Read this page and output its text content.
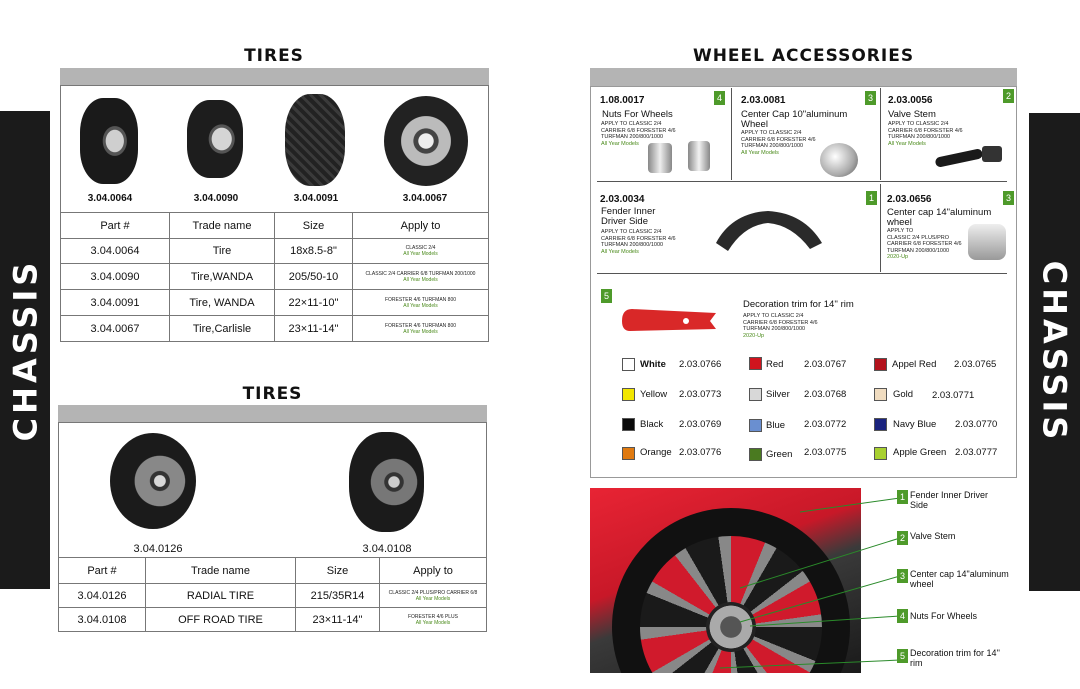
CHASSIS	CHASSIS
TIRES
3.04.0064	3.04.0090	3.04.0091	3.04.0067
Part #	Trade name	Size	Apply to
3.04.0064	Tire	18x8.5-8"	CLASSIC 2/4
All Year Models

3.04.0090	Tire,WANDA	205/50-10	CLASSIC 2/4 CARRIER 6/8 TURFMAN 200/1000
All Year Models

3.04.0091	Tire, WANDA	22×11-10"	FORESTER 4/6 TURFMAN 800
All Year Models

3.04.0067	Tire,Carlisle	23×11-14"	FORESTER 4/6 TURFMAN 800
All Year Models
TIRES
3.04.0126	3.04.0108
Part #	Trade name	Size	Apply to
3.04.0126	RADIAL TIRE	215/35R14	CLASSIC 2/4 PLUS/PRO CARRIER 6/8
All Year Models

3.04.0108	OFF ROAD TIRE	23×11-14"	FORESTER 4/6 PLUS
All Year Models
WHEEL ACCESSORIES
1.08.0017	4
Nuts For Wheels
APPLY TO CLASSIC 2/4
CARRIER 6/8 FORESTER 4/6
TURFMAN 200/800/1000
All Year Models
2.03.0081	3
Center Cap 10"aluminum Wheel
APPLY TO CLASSIC 2/4
CARRIER 6/8 FORESTER 4/6
TURFMAN 200/800/1000
All Year Models
2.03.0056	2
Valve Stem
APPLY TO CLASSIC 2/4
CARRIER 6/8 FORESTER 4/6
TURFMAN 200/800/1000
All Year Models
2.03.0034	1
Fender Inner Driver Side
APPLY TO CLASSIC 2/4
CARRIER 6/8 FORESTER 4/6
TURFMAN 200/800/1000
All Year Models
2.03.0656	3
Center cap 14"aluminum wheel
APPLY TO
CLASSIC 2/4 PLUS/PRO
CARRIER 6/8 FORESTER 4/6
TURFMAN 200/800/1000
2020-Up
5
Decoration trim for 14'' rim
APPLY TO CLASSIC 2/4
CARRIER 6/8 FORESTER 4/6
TURFMAN 200/800/1000
2020-Up
White 2.03.0766	Red 2.03.0767	Appel Red 2.03.0765
Yellow 2.03.0773	Silver 2.03.0768	Gold 2.03.0771
Black 2.03.0769	Blue 2.03.0772	Navy Blue 2.03.0770
Orange 2.03.0776	Green 2.03.0775	Apple Green 2.03.0777
1 Fender Inner Driver Side
2 Valve Stem
3 Center cap 14"aluminum wheel
4 Nuts For Wheels
5 Decoration trim for 14'' rim
